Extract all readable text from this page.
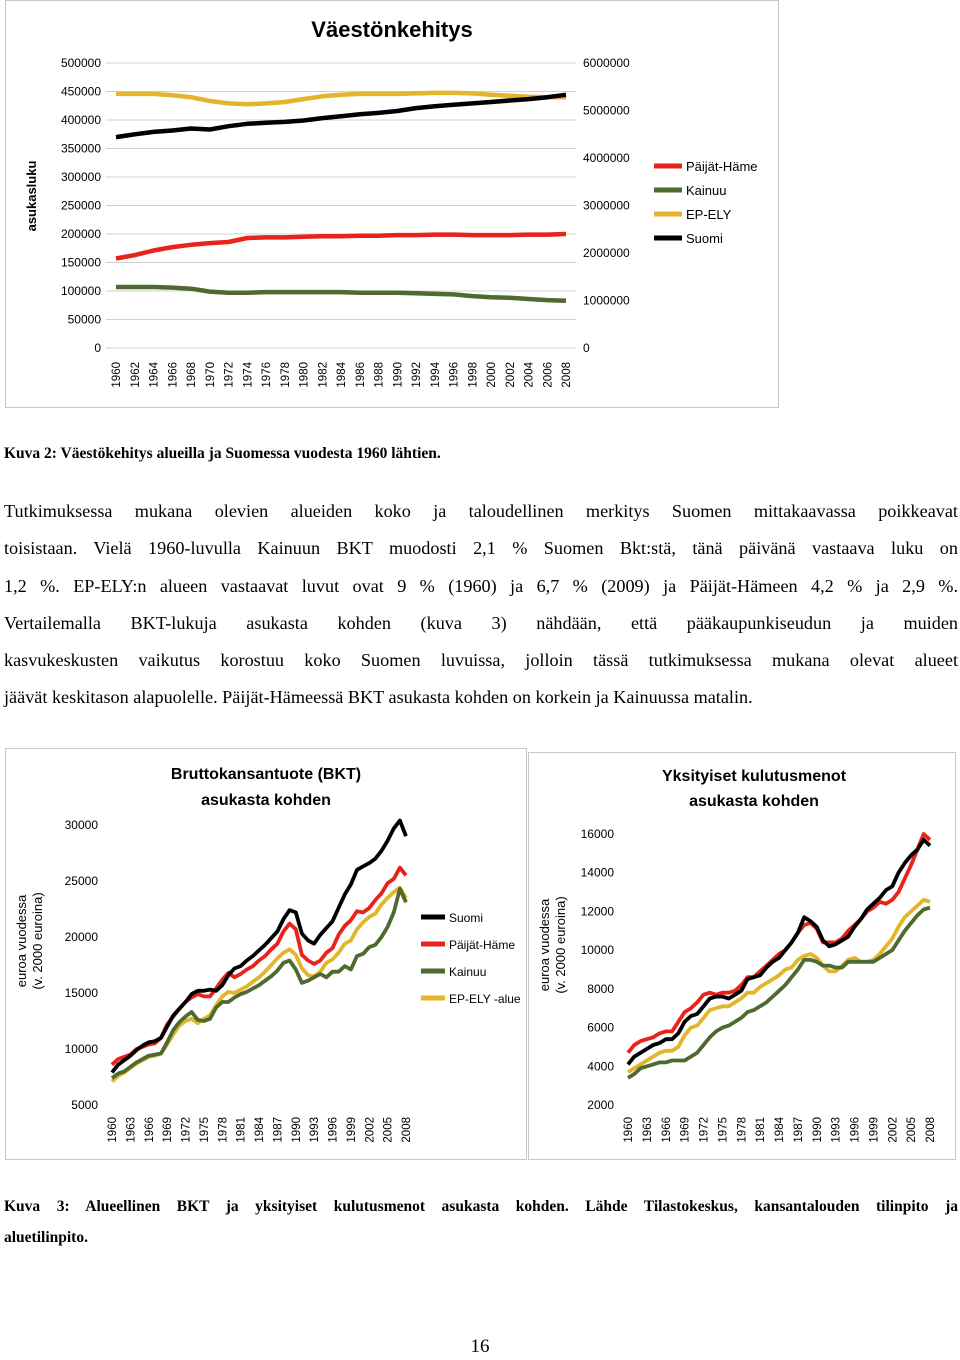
Väestönkehitys
asukasluku
500000
450000
400000
350000
300000
250000
200000
150000
100000
50000
0
6000000
5000000
4000000
3000000
2000000
1000000
0
1960 1962 1964 1966 1968 1970 1972 1974 1976 1978 1980 1982 1984 1986 1988 1990 1992 1994 1996 1998 2000 2002 2004 2006 2008
Päijät-Häme
Kainuu
EP-ELY
Suomi
Kuva 2: Väestökehitys alueilla ja Suomessa vuodesta 1960 lähtien.
Tutkimuksessa mukana olevien alueiden koko ja taloudellinen merkitys Suomen mittakaavassa poikkeavat
toisistaan. Vielä 1960-luvulla Kainuun BKT muodosti 2,1 % Suomen Bkt:stä, tänä päivänä vastaava luku on
1,2 %. EP-ELY:n alueen vastaavat luvut ovat 9 % (1960) ja 6,7 % (2009) ja Päijät-Hämeen 4,2 % ja 2,9 %.
Vertailemalla BKT-lukuja asukasta kohden (kuva 3) nähdään, että pääkaupunkiseudun ja muiden
kasvukeskusten vaikutus korostuu koko Suomen luvuissa, jolloin tässä tutkimuksessa mukana olevat alueet
jäävät keskitason alapuolelle. Päijät-Hämeessä BKT asukasta kohden on korkein ja Kainuussa matalin.
Bruttokansantuote (BKT)
asukasta kohden
euroa vuodessa (v. 2000 euroina)
30000
25000
20000
15000
10000
5000
1960 1963 1966 1969 1972 1975 1978 1981 1984 1987 1990 1993 1996 1999 2002 2005 2008
Suomi
Päijät-Häme
Kainuu
EP-ELY -alue
Yksityiset kulutusmenot
asukasta kohden
euroa vuodessa (v. 2000 euroina)
16000
14000
12000
10000
8000
6000
4000
2000
1960 1963 1966 1969 1972 1975 1978 1981 1984 1987 1990 1993 1996 1999 2002 2005 2008
Kuva 3: Alueellinen BKT ja yksityiset kulutusmenot asukasta kohden. Lähde Tilastokeskus, kansantalouden tilinpito ja
aluetilinpito.
16
